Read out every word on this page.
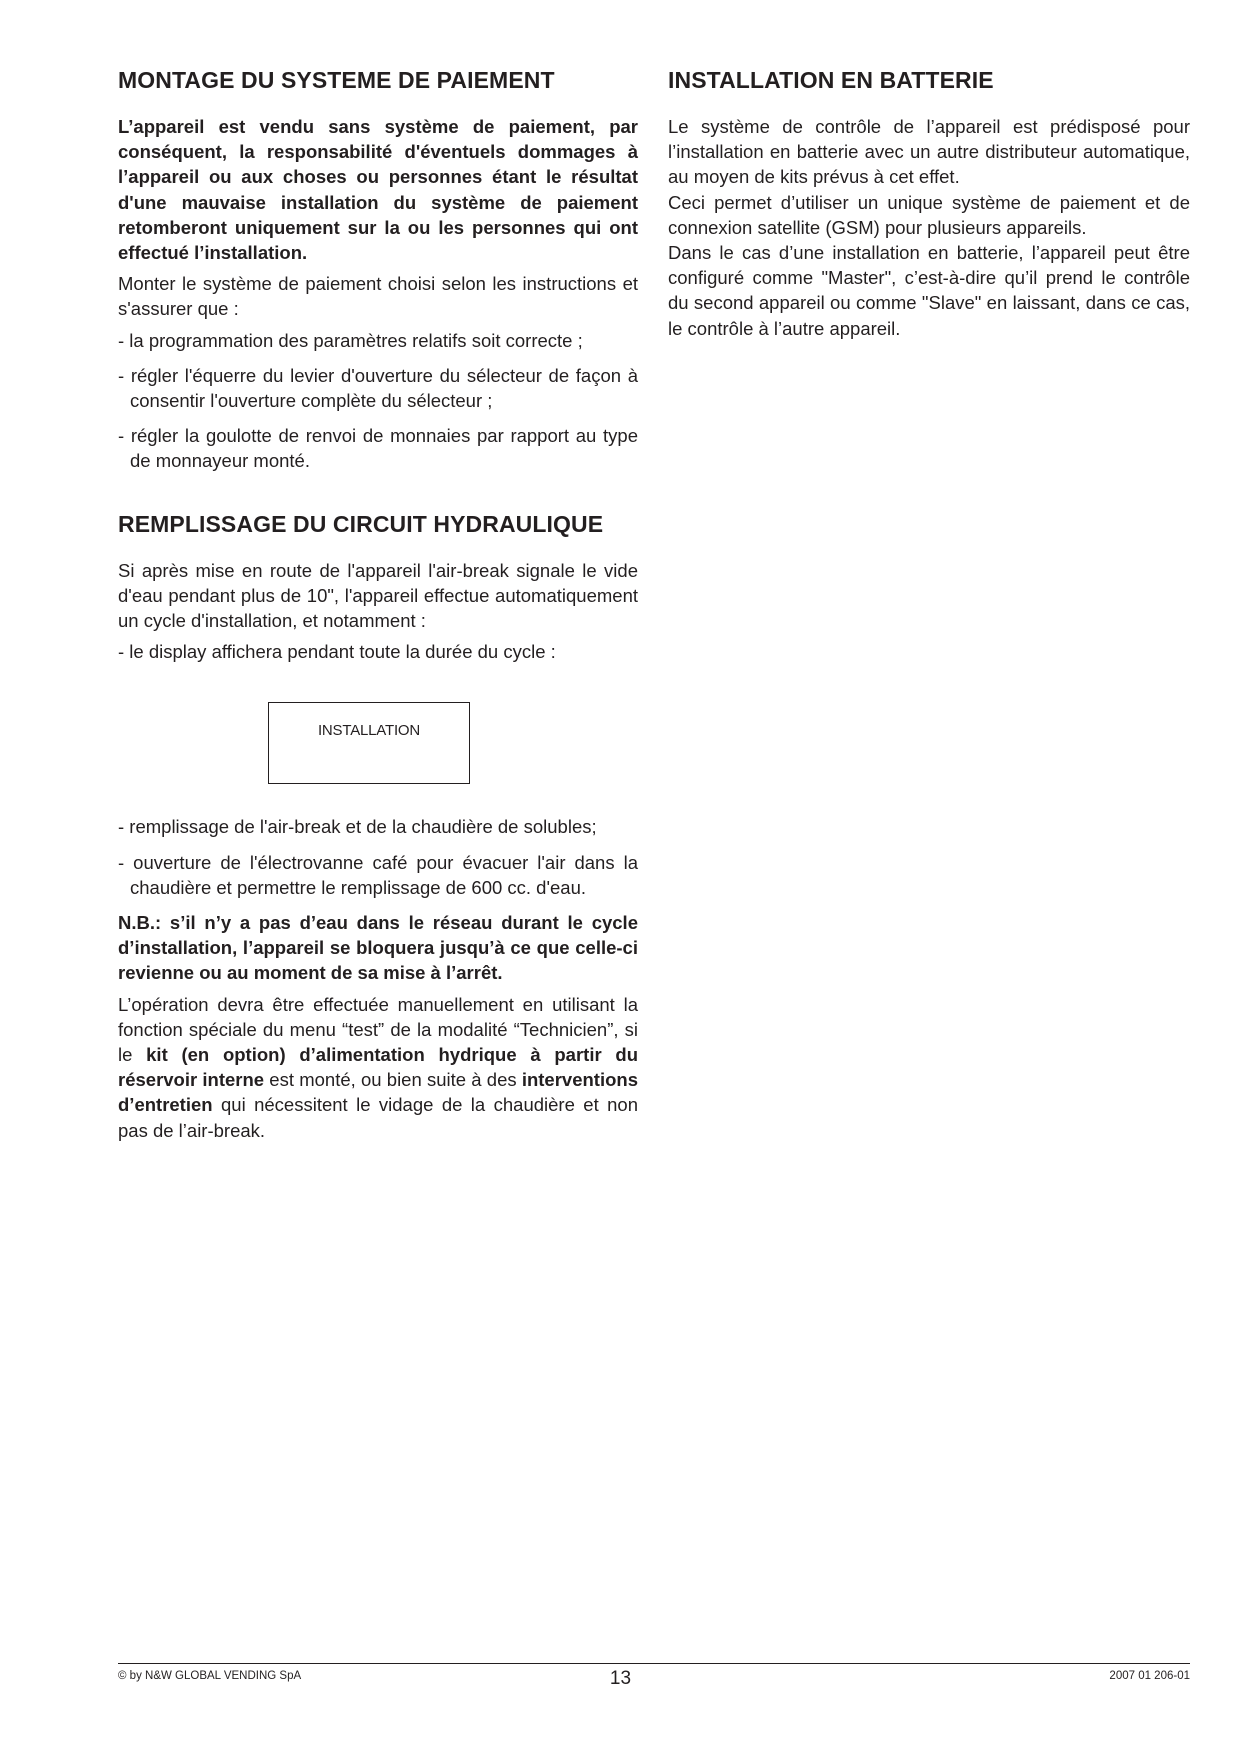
MONTAGE DU SYSTEME DE PAIEMENT

L’appareil est vendu sans système de paiement, par conséquent, la responsabilité d'éventuels dommages à l’appareil ou aux choses ou personnes étant le résultat d'une mauvaise installation du système de paiement retomberont uniquement sur la ou les personnes qui ont effectué l’installation.

Monter le système de paiement choisi selon les instructions et s'assurer que :

- la programmation des paramètres relatifs soit correcte ;

- régler l'équerre du levier d'ouverture du sélecteur de façon à consentir l'ouverture complète du sélecteur ;

- régler la goulotte de renvoi de monnaies par rapport au type de monnayeur monté.

REMPLISSAGE DU CIRCUIT HYDRAULIQUE

Si après mise en route de l'appareil l'air-break signale le vide d'eau pendant plus de 10", l'appareil effectue automatiquement un cycle d'installation, et notamment :

- le display affichera pendant toute la durée du cycle :

INSTALLATION

- remplissage de l'air-break et de la chaudière de solubles;

- ouverture de l'électrovanne café pour évacuer l'air dans la chaudière et permettre le remplissage de 600 cc. d'eau.

N.B.: s’il n’y a pas d’eau dans le réseau durant le cycle d’installation, l’appareil se bloquera jusqu’à ce que celle-ci revienne ou au moment de sa mise à l’arrêt.

L’opération devra être effectuée manuellement en utilisant la fonction spéciale du menu “test” de la modalité “Technicien”, si le kit (en option) d’alimentation hydrique à partir du réservoir interne est monté, ou bien suite à des interventions d’entretien qui nécessitent le vidage de la chaudière et non pas de l’air-break.

INSTALLATION EN BATTERIE

Le système de contrôle de l’appareil est prédisposé pour l’installation en batterie avec un autre distributeur automatique, au moyen de kits prévus à cet effet.

Ceci permet d’utiliser un unique système de paiement et de connexion satellite (GSM) pour plusieurs appareils.

Dans le cas d’une installation en batterie, l’appareil peut être configuré comme "Master", c’est-à-dire qu’il prend le contrôle du second appareil ou comme "Slave" en laissant, dans ce cas, le contrôle à l’autre appareil.

© by N&W GLOBAL VENDING SpA	13	2007 01 206-01
